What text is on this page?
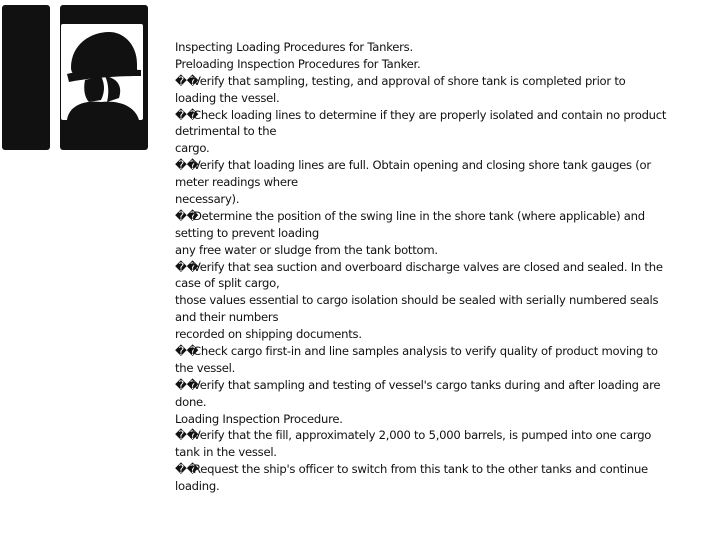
Inspecting Loading Procedures for Tankers.
Preloading Inspection Procedures for Tanker.
��Verify that sampling, testing, and approval of shore tank is completed prior to
loading the vessel.
��Check loading lines to determine if they are properly isolated and contain no product
detrimental to the
cargo.
��Verify that loading lines are full. Obtain opening and closing shore tank gauges (or
meter readings where
necessary).
��Determine the position of the swing line in the shore tank (where applicable) and
setting to prevent loading
any free water or sludge from the tank bottom.
��Verify that sea suction and overboard discharge valves are closed and sealed. In the
case of split cargo,
those values essential to cargo isolation should be sealed with serially numbered seals
and their numbers
recorded on shipping documents.
��Check cargo first-in and line samples analysis to verify quality of product moving to
the vessel.
��Verify that sampling and testing of vessel's cargo tanks during and after loading are
done.
Loading Inspection Procedure.
��Verify that the fill, approximately 2,000 to 5,000 barrels, is pumped into one cargo
tank in the vessel.
��Request the ship's officer to switch from this tank to the other tanks and continue
loading.
